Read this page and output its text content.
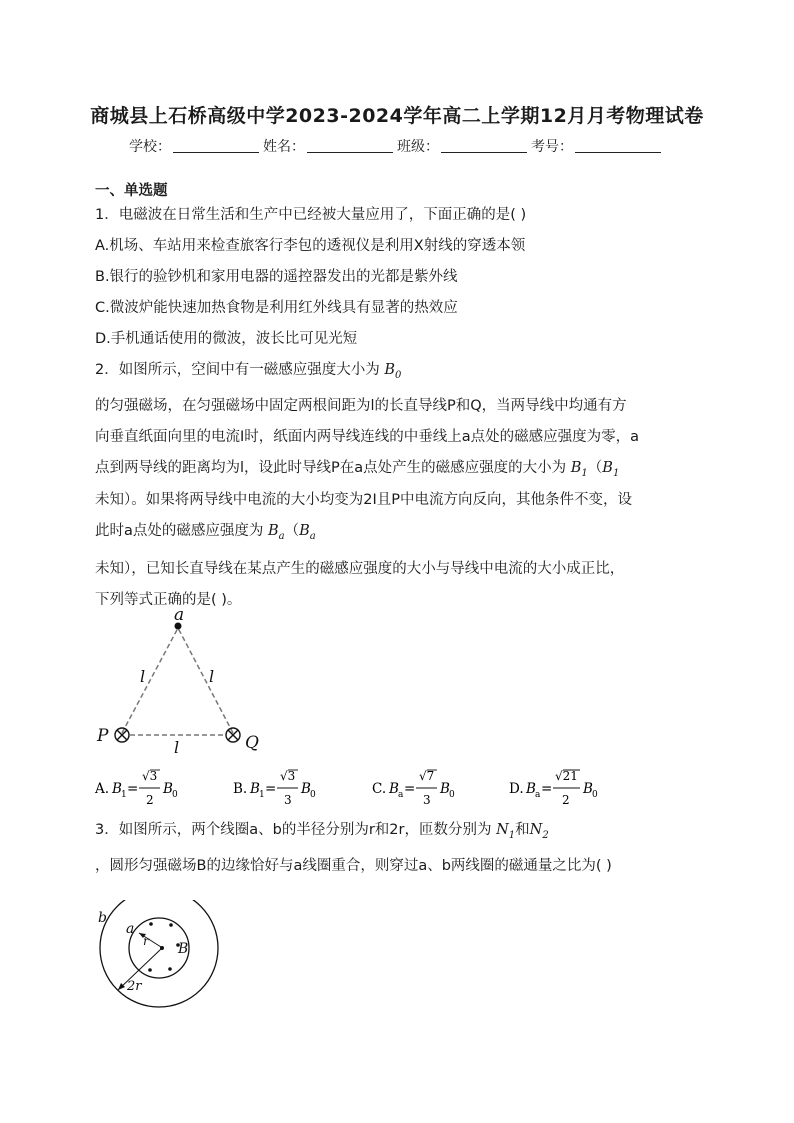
商城县上石桥高级中学2023-2024学年高二上学期12月月考物理试卷
学校：	姓名：	班级：	考号：
一、单选题
1．电磁波在日常生活和生产中已经被大量应用了，下面正确的是( )
A.机场、车站用来检查旅客行李包的透视仪是利用X射线的穿透本领
B.银行的验钞机和家用电器的遥控器发出的光都是紫外线
C.微波炉能快速加热食物是利用红外线具有显著的热效应
D.手机通话使用的微波，波长比可见光短
2．如图所示，空间中有一磁感应强度大小为 $B_0$
的匀强磁场，在匀强磁场中固定两根间距为l的长直导线P和Q，当两导线中均通有方
向垂直纸面向里的电流I时，纸面内两导线连线的中垂线上a点处的磁感应强度为零，a
点到两导线的距离均为l，设此时导线P在a点处产生的磁感应强度的大小为 $B_1(B_1$
未知）。如果将两导线中电流的大小均变为2I且P中电流方向反向，其他条件不变，设
此时a点处的磁感应强度为 $B_a(B_a$
未知），已知长直导线在某点产生的磁感应强度的大小与导线中电流的大小成正比，
下列等式正确的是( )。
a
l	l
l
P	Q
A. B 1 =
√3
2
B 0	B. B 1 =
√3
3
B 0	C. B a =
√7
3
B 0	D. B a =
√21
2
B 0
3．如图所示，两个线圈a、b的半径分别为r和2r，匝数分别为 $N_1$和$N_2$
，圆形匀强磁场B的边缘恰好与a线圈重合，则穿过a、b两线圈的磁通量之比为( )
b
a
r B
2r
